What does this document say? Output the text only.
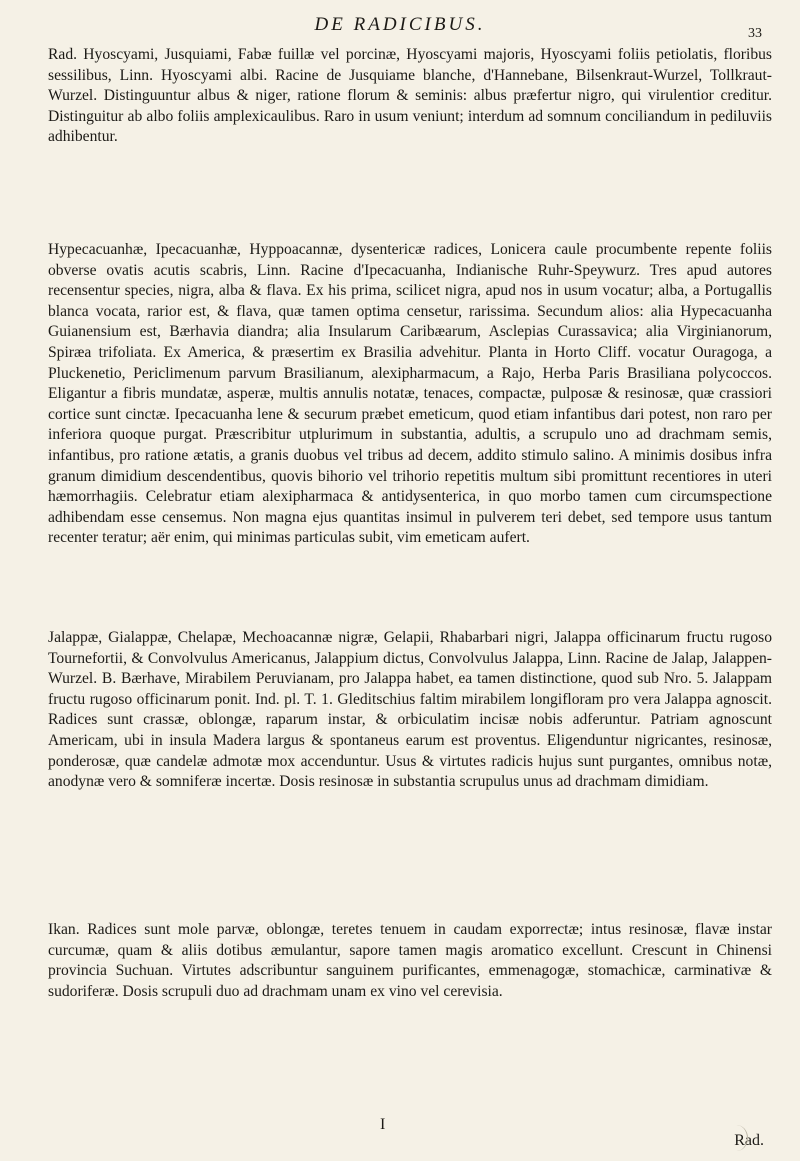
DE RADICIBUS.	33

Rad. Hyoscyami, Jusquiami, Fabæ fuillæ vel porcinæ, Hyoscyami majoris, Hyoscyami foliis petiolatis, floribus sessilibus, Linn. Hyoscyami albi. Racine de Jusquiame blanche, d'Hannebane, Bilsenkraut-Wurzel, Tollkraut-Wurzel. Distinguuntur albus & niger, ratione florum & seminis: albus præfertur nigro, qui virulentior creditur. Distinguitur ab albo foliis amplexicaulibus. Raro in usum veniunt; interdum ad somnum conciliandum in pediluviis adhibentur.

Hypecacuanhæ, Ipecacuanhæ, Hyppoacannæ, dysentericæ radices, Lonicera caule procumbente repente foliis obverse ovatis acutis scabris, Linn. Racine d'Ipecacuanha, Indianische Ruhr-Speywurz. Tres apud autores recensentur species, nigra, alba & flava. Ex his prima, scilicet nigra, apud nos in usum vocatur; alba, a Portugallis blanca vocata, rarior est, & flava, quæ tamen optima censetur, rarissima. Secundum alios: alia Hypecacuanha Guianensium est, Bærhavia diandra; alia Insularum Caribæarum, Asclepias Curassavica; alia Virginianorum, Spiræa trifoliata. Ex America, & præsertim ex Brasilia advehitur. Planta in Horto Cliff. vocatur Ouragoga, a Pluckenetio, Periclimenum parvum Brasilianum, alexipharmacum, a Rajo, Herba Paris Brasiliana polycoccos. Eligantur a fibris mundatæ, asperæ, multis annulis notatæ, tenaces, compactæ, pulposæ & resinosæ, quæ crassiori cortice sunt cinctæ. Ipecacuanha lene & securum præbet emeticum, quod etiam infantibus dari potest, non raro per inferiora quoque purgat. Præscribitur utplurimum in substantia, adultis, a scrupulo uno ad drachmam semis, infantibus, pro ratione ætatis, a granis duobus vel tribus ad decem, addito stimulo salino. A minimis dosibus infra granum dimidium descendentibus, quovis bihorio vel trihorio repetitis multum sibi promittunt recentiores in uteri hæmorrhagiis. Celebratur etiam alexipharmaca & antidysenterica, in quo morbo tamen cum circumspectione adhibendam esse censemus. Non magna ejus quantitas insimul in pulverem teri debet, sed tempore usus tantum recenter teratur; aër enim, qui minimas particulas subit, vim emeticam aufert.

Jalappæ, Gialappæ, Chelapæ, Mechoacannæ nigræ, Gelapii, Rhabarbari nigri, Jalappa officinarum fructu rugoso Tournefortii, & Convolvulus Americanus, Jalappium dictus, Convolvulus Jalappa, Linn. Racine de Jalap, Jalappen-Wurzel. B. Bærhave, Mirabilem Peruvianam, pro Jalappa habet, ea tamen distinctione, quod sub Nro. 5. Jalappam fructu rugoso officinarum ponit. Ind. pl. T. 1. Gleditschius faltim mirabilem longifloram pro vera Jalappa agnoscit. Radices sunt crassæ, oblongæ, raparum instar, & orbiculatim incisæ nobis adferuntur. Patriam agnoscunt Americam, ubi in insula Madera largus & spontaneus earum est proventus. Eligenduntur nigricantes, resinosæ, ponderosæ, quæ candelæ admotæ mox accenduntur. Usus & virtutes radicis hujus sunt purgantes, omnibus notæ, anodynæ vero & somniferæ incertæ. Dosis resinosæ in substantia scrupulus unus ad drachmam dimidiam.

Ikan. Radices sunt mole parvæ, oblongæ, teretes tenuem in caudam exporrectæ; intus resinosæ, flavæ instar curcumæ, quam & aliis dotibus æmulantur, sapore tamen magis aromatico excellunt. Crescunt in Chinensi provincia Suchuan. Virtutes adscribuntur sanguinem purificantes, emmenagogæ, stomachicæ, carminativæ & sudoriferæ. Dosis scrupuli duo ad drachmam unam ex vino vel cerevisia.

I
Rad.
